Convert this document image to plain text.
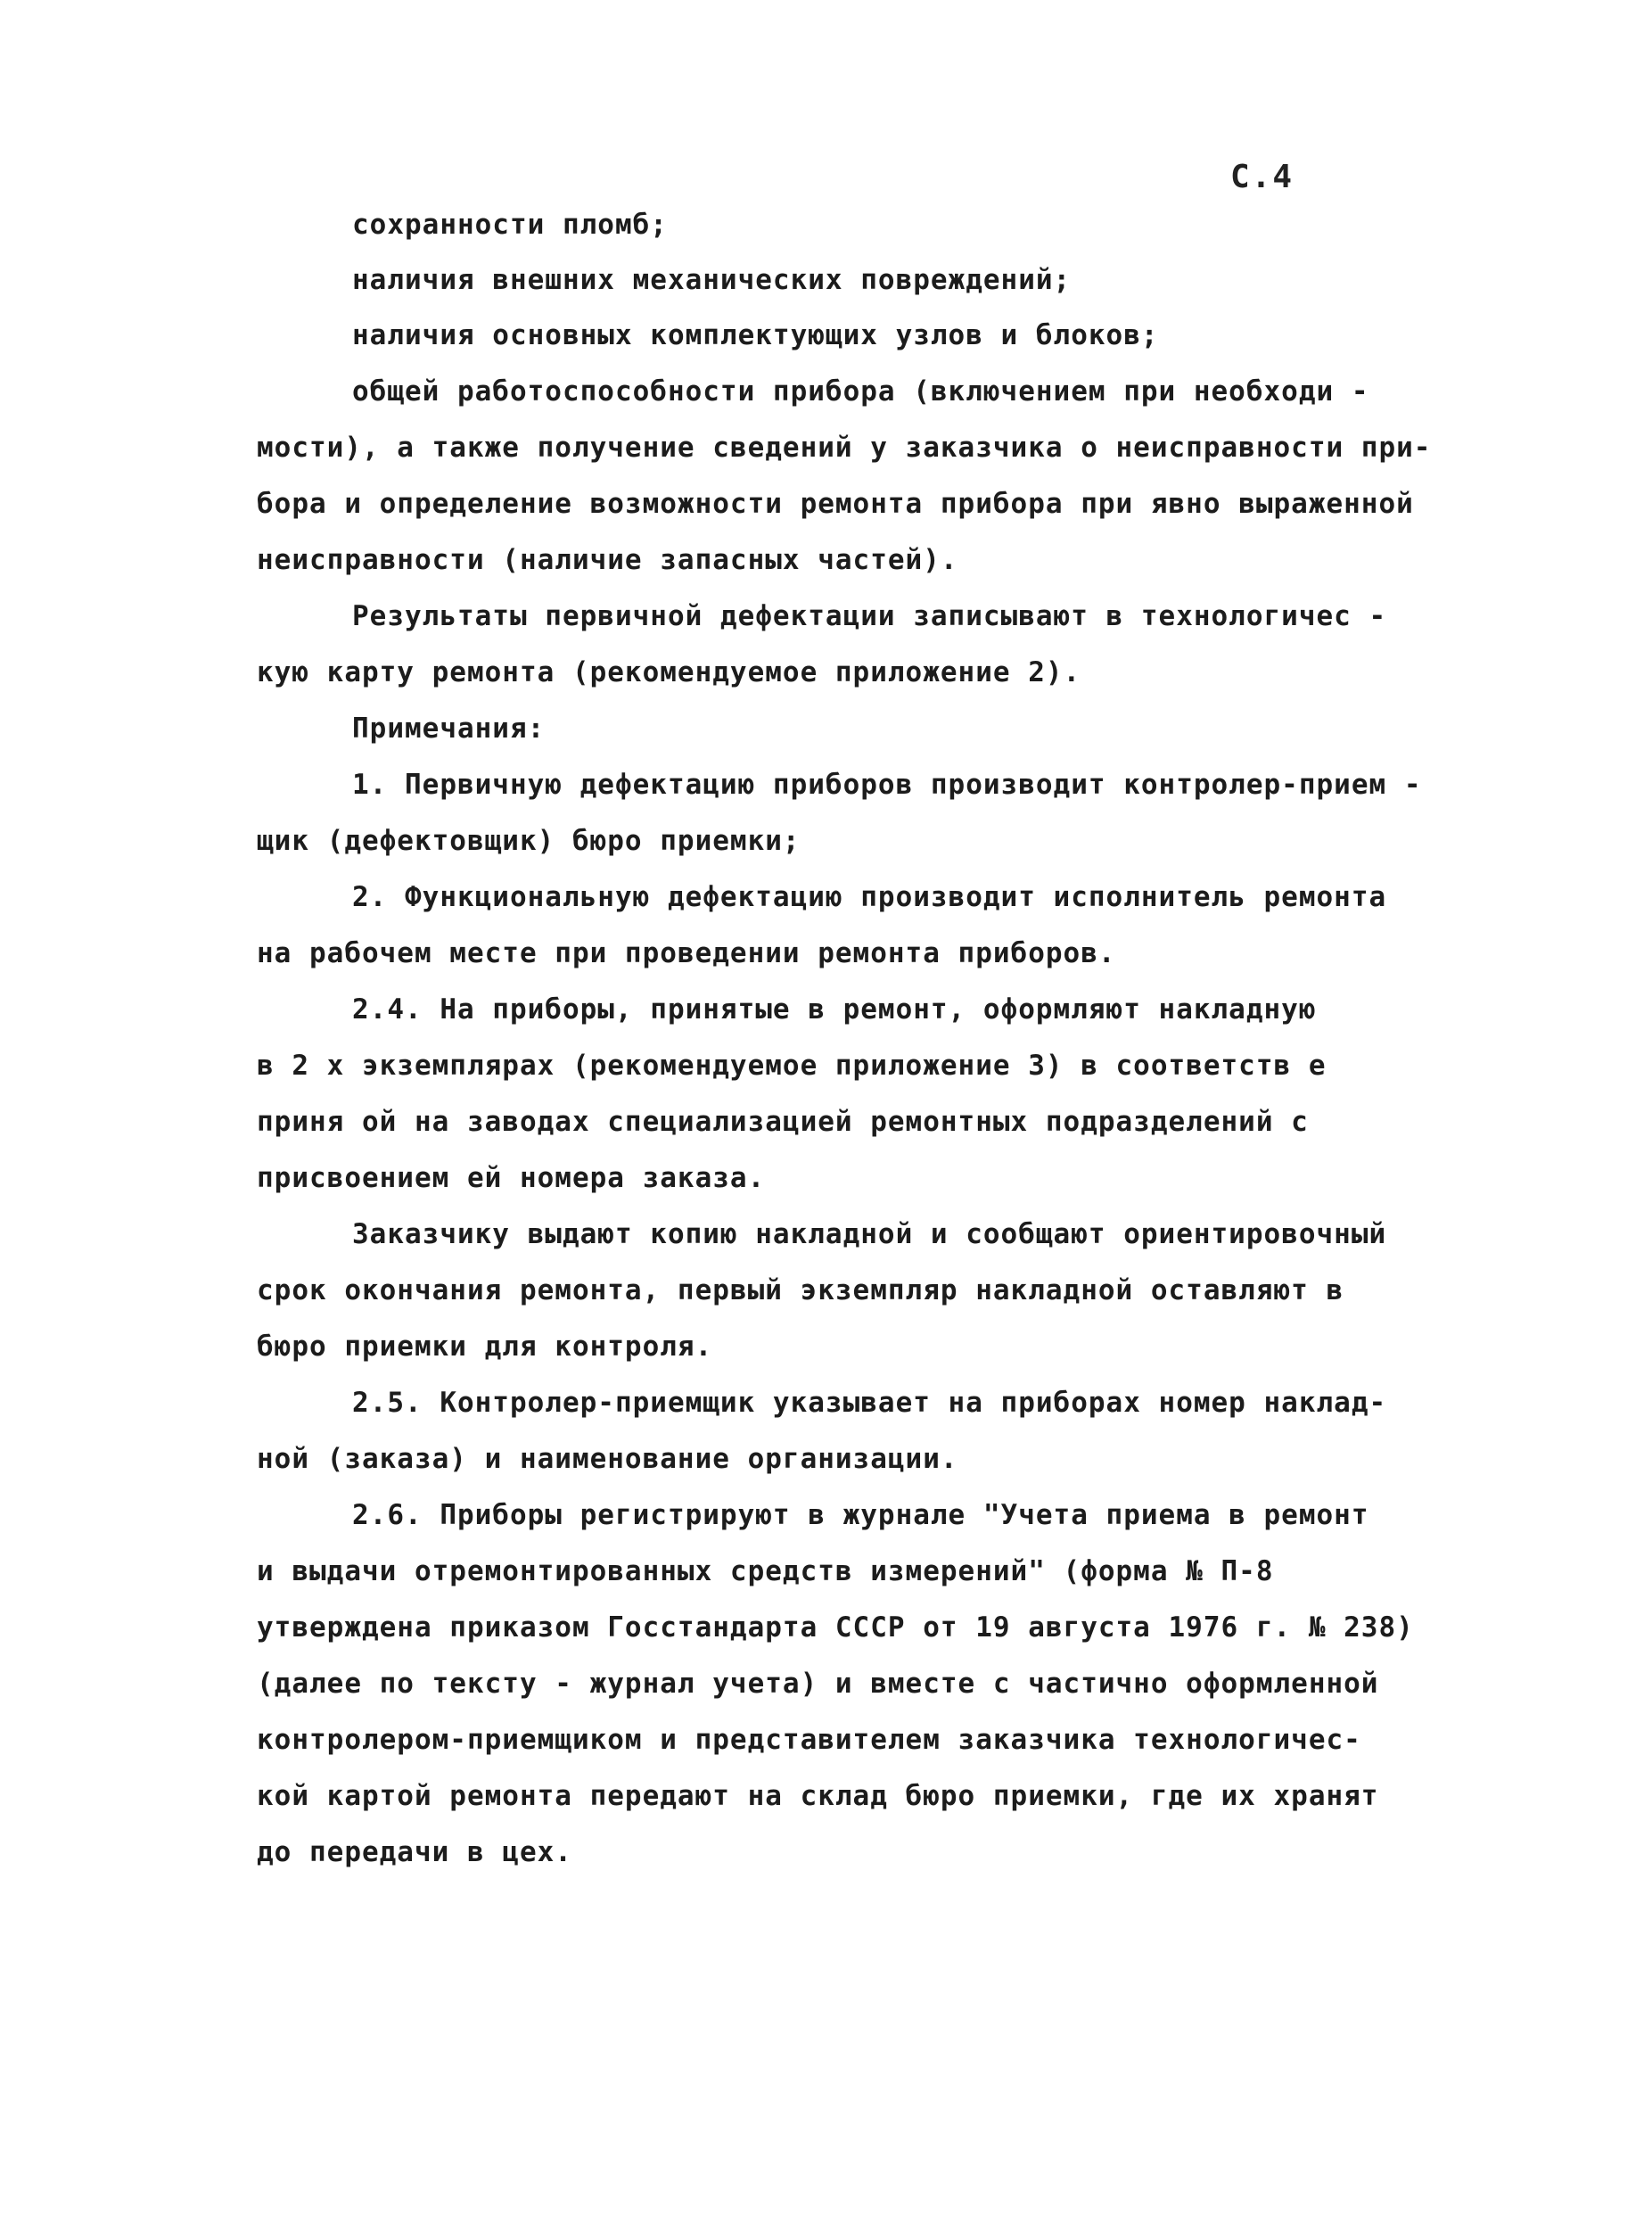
С.4
сохранности пломб;
наличия внешних механических повреждений;
наличия основных комплектующих узлов и блоков;
общей работоспособности прибора (включением при необходи -
мости), а также получение сведений у заказчика о неисправности при-
бора и определение возможности ремонта прибора при явно выраженной
неисправности (наличие запасных частей).
Результаты первичной дефектации записывают в технологичес -
кую карту ремонта (рекомендуемое приложение 2).
Примечания:
1. Первичную дефектацию приборов производит контролер-прием -
щик (дефектовщик) бюро приемки;
2. Функциональную дефектацию производит исполнитель ремонта
на рабочем месте при проведении ремонта приборов.
2.4. На приборы, принятые в ремонт, оформляют накладную
в 2 х экземплярах (рекомендуемое приложение 3) в соответств е
приня ой на заводах специализацией ремонтных подразделений с
присвоением ей номера заказа.
Заказчику выдают копию накладной и сообщают ориентировочный
срок окончания ремонта, первый экземпляр накладной оставляют в
бюро приемки для контроля.
2.5. Контролер-приемщик указывает на приборах номер наклад-
ной (заказа) и наименование организации.
2.6. Приборы регистрируют в журнале "Учета приема в ремонт
и выдачи отремонтированных средств измерений" (форма № П-8
утверждена приказом Госстандарта СССР от 19 августа 1976 г. № 238)
(далее по тексту - журнал учета) и вместе с частично оформленной
контролером-приемщиком и представителем заказчика технологичес-
кой картой ремонта передают на склад бюро приемки, где их хранят
до передачи в цех.
